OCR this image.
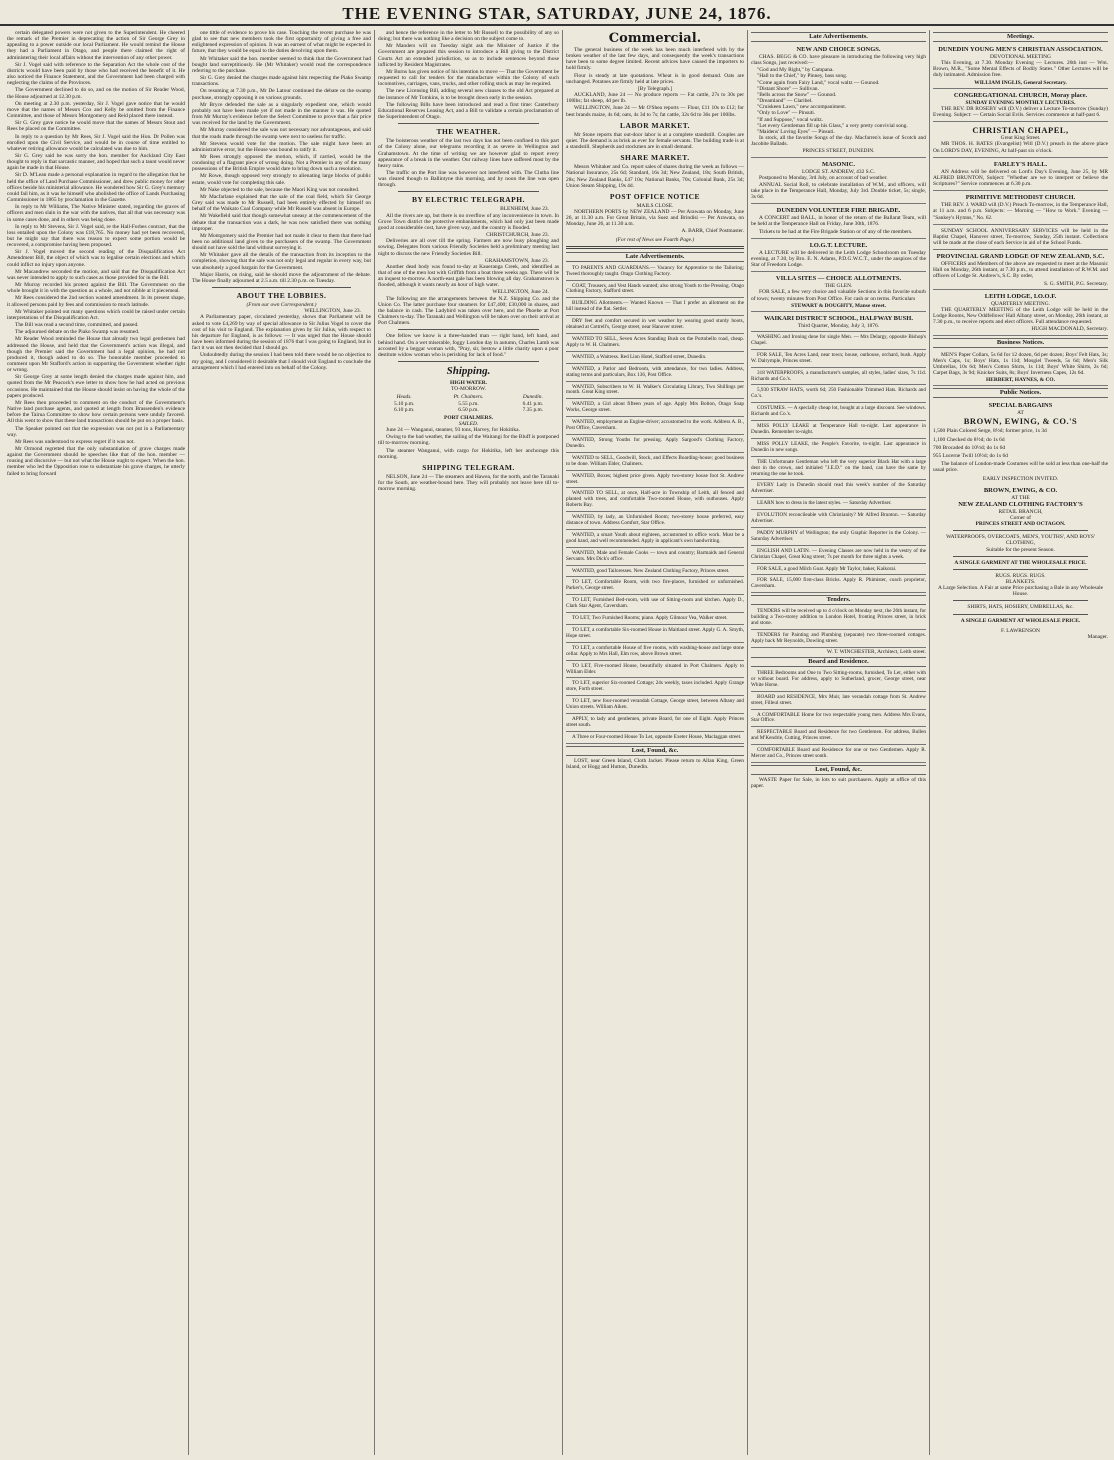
THE EVENING STAR, SATURDAY, JUNE 24, 1876.

certain delegated powers were not given to the Superintendent. He cheered the remark of the Premier in deprecating the action of Sir George Grey in appealing to a power outside our local Parliament. He would remind the House they had a Parliament in Otago, and people there claimed the right of administering their local affairs without the intervention of any other power.

Sir J. Vogel said with reference to the Separation Act the whole cost of the districts would have been paid by those who had received the benefit of it. He also noticed the Finance Statement, and the Government had been charged with neglecting the claims of the Provinces.

The Government declined to do so, and on the motion of Sir Reader Wood, the House adjourned at 12.30 p.m.

On meeting at 2.30 p.m. yesterday, Sir J. Vogel gave notice that he would move that the names of Messrs Cox and Kelly be omitted from the Finance Committee, and those of Messrs Montgomery and Reid placed there instead.

Sir G. Grey gave notice he would move that the names of Messrs Stout and Rees be placed on the Committee.

In reply to a question by Mr Rees, Sir J. Vogel said the Hon. Dr Pollen was enrolled upon the Civil Service, and would be in course of time entitled to whatever retiring allowance would be calculated was due to him.

Sir G. Grey said he was sorry the hon. member for Auckland City East thought to reply in that sarcastic manner, and hoped that such a taunt would never again be made in that House.

Sir D. M'Lean made a personal explanation in regard to the allegation that he held the office of Land Purchase Commissioner, and drew public money for other offices beside his ministerial allowance. He wondered how Sir G. Grey's memory could fail him, as it was he himself who abolished the office of Lands Purchasing Commissioner in 1865 by proclamation in the Gazette.

In reply to Mr Williams, The Native Minister stated, regarding the graves of officers and men slain in the war with the natives, that all that was necessary was in some cases done, and in others was being done.

In reply to Mr Stevens, Sir J. Vogel said, re the Hall-Forbes contract, that the loss entailed upon the Colony was £18,765. No money had yet been recovered, but he might say that there was reason to expect some portion would be recovered, a compromise having been proposed.

Sir J. Vogel moved the second reading of the Disqualification Act Amendment Bill, the object of which was to legalise certain elections and which could inflict no injury upon anyone.

Mr Macandrew seconded the motion, and said that the Disqualification Act was never intended to apply to such cases as those provided for in the Bill.

Mr Murray recorded his protest against the Bill. The Government on the whole brought it in with the question as a whole, and not nibble at it piecemeal.

Mr Rees considered the 2nd section wanted amendment. In its present shape, it allowed persons paid by fees and commission to much latitude.

Mr Whitaker pointed out many questions which could be raised under certain interpretations of the Disqualification Act.

The Bill was read a second time, committed, and passed.

The adjourned debate on the Piako Swamp was resumed.

Mr Reader Wood reminded the House that already two legal gentlemen had addressed the House, and held that the Government's action was illegal, and though the Premier said the Government had a legal opinion, he had not produced it, though asked to do so. The honorable member proceeded to comment upon Mr Stafford's action in supporting the Government whether right or wrong.

Sir George Grey at some length denied the charges made against him, and quoted from the Mr Peacock's ewe letter to show how he had acted on previous occasions. He maintained that the House should insist on having the whole of the papers produced.

Mr Rees then proceeded to comment on the conduct of the Government's Native land purchase agents, and quoted at length from Brassenden's evidence before the Tairua Committee to show how certain persons were unduly favored. All this went to show that these land transactions should be put on a proper basis.

The Speaker pointed out that the expression was not put in a Parliamentary way.

Mr Rees was understood to express regret if it was not.

Mr Ormond regretted that the only substantiation of grave charges made against the Government should be speeches like that of the hon. member — rousing and discursive — but not what the House ought to expect. When the hon. member who led the Opposition rose to substantiate his grave charges, he utterly failed to bring forward

one tittle of evidence to prove his case. Touching the recent purchase he was glad to see that new members took the first opportunity of giving a free and enlightened expression of opinion. It was an earnest of what might be expected in future, that they would be equal to the duties devolving upon them.

Mr Whitaker said the hon. member seemed to think that the Government had bought land surreptitiously. He (Mr Whitaker) would read the correspondence referring to the purchase.

Sir G. Grey denied the charges made against him respecting the Piako Swamp transactions.

On resuming at 7.30 p.m., Mr De Latour continued the debate on the swamp purchase, strongly opposing it on various grounds.

Mr Bryce defended the sale as a singularly expedient one, which would probably not have been made yet if not made in the manner it was. He quoted from Mr Murray's evidence before the Select Committee to prove that a fair price was received for the land by the Government.

Mr Murray considered the sale was not necessary nor advantageous, and said that the roads made through the swamp were next to useless for traffic.

Mr Stevens would vote for the motion. The sale might have been an administrative error, but the House was bound to ratify it.

Mr Rees strongly opposed the motion, which, if carried, would be the condoning of a flagrant piece of wrong doing. Not a Premier in any of the many possessions of the British Empire would dare to bring down such a resolution.

Mr Rowe, though opposed very strongly to alienating large blocks of public estate, would vote for completing this sale.

Mr Nake objected to the sale, because the Maori King was not consulted.

Mr Macfarlane explained that the sale of the coal field, which Sir George Grey said was made to Mr Russell, had been entirely effected by himself on behalf of the Waikato Coal Company while Mr Russell was absent in Europe.

Mr Wakefield said that though somewhat uneasy at the commencement of the debate that the transaction was a dark, he was now satisfied there was nothing improper.

Mr Montgomery said the Premier had not made it clear to them that there had been no additional land given to the purchasers of the swamp. The Government should not have sold the land without surveying it.

Mr Whitaker gave all the details of the transaction from its inception to the completion, showing that the sale was not only legal and regular in every way, but was absolutely a good bargain for the Government.

Major Harris, on rising, said he should move the adjournment of the debate. The House finally adjourned at 2.5 a.m. till 2.30 p.m. on Tuesday.

ABOUT THE LOBBIES.
(From our own Correspondent.)
WELLINGTON, June 23.

A Parliamentary paper, circulated yesterday, shows that Parliament will be asked to vote £4,269 by way of special allowance to Sir Julius Vogel to cover the cost of his visit to England. The explanation given by Sir Julius, with respect to his departure for England, is as follows: — It was urged that the House should have been informed during the session of 1876 that I was going to England, but in fact it was not then decided that I should go.

Undoubtedly during the session I had been told there would be no objection to my going, and I considered it desirable that I should visit England to conclude the arrangement which I had entered into on behalf of the Colony.

and hence the reference in the letter to Mr Russell to the possibility of any so doing; but there was nothing like a decision on the subject come to.

Mr Manders will on Tuesday night ask the Minister of Justice if the Government are prepared this session to introduce a Bill giving to the District Courts Act an extended jurisdiction, so as to include sentences beyond those inflicted by Resident Magistrates.

Mr Burns has given notice of his intention to move — That the Government be requested to call for tenders for the manufacture within the Colony of such locomotives, carriages, vans, trucks, and other rolling stock as may be required.

The new Licensing Bill, adding several new clauses to the old Act prepared at the instance of Mr Tomkins, is to be brought down early in the session.

The following Bills have been introduced and read a first time: Canterbury Educational Reserves Leasing Act, and a Bill to validate a certain proclamation of the Superintendent of Otago.

THE WEATHER.

The boisterous weather of the last two days has not been confined to this part of the Colony alone, our telegrams recording it as severe in Wellington and Grahamstown. At the time of writing we are however glad to report every appearance of a break in the weather. Our railway lines have suffered most by the heavy rains.

The traffic on the Port line was however not interfered with. The Clutha line was cleared though to Ballintyne this morning, and by noon the line was open through.

BY ELECTRIC TELEGRAPH.
BLENHEIM, June 23.

All the rivers are up, but there is no overflow of any inconvenience in town. In Grove Town district the protective embankments, which had only just been made good at considerable cost, have given way, and the country is flooded.

CHRISTCHURCH, June 23.

Deliveries are all over till the spring. Farmers are now busy ploughing and sowing. Delegates from various Friendly Societies held a preliminary meeting last night to discuss the new Friendly Societies Bill.

GRAHAMSTOWN, June 23.

Another dead body was found to-day at Kaueranga Creek, and identified as that of one of the men lost with Griffith from a boat three weeks ago. There will be an inquest to-morrow. A north-east gale has been blowing all day. Grahamstown is flooded, although it wants nearly an hour of high water.

WELLINGTON, June 24.

The following are the arrangements between the N.Z. Shipping Co. and the Union Co. The latter purchase four steamers for £47,400; £30,000 in shares, and the balance in cash. The Ladybird was taken over here, and the Phoebe at Port Chalmers to-day. The Taranaki and Wellington will be taken over on their arrival at Port Chalmers.

One fellow we know is a three-handed man — right hand, left hand, and behind hand. On a wet miserable, foggy London day in autumn, Charles Lamb was accosted by a beggar woman with, "Pray, sir, bestow a little charity upon a poor destitute widow woman who is perishing for lack of food."

Shipping.
HIGH WATER.
TO-MORROW.
Heads.	Pt. Chalmers.	Dunedin.
5.10 p.m.	5.55 p.m.	6.41 p.m.
6.10 p.m.	6.50 p.m.	7.35 p.m.
PORT CHALMERS.
SAILED.

June 24 — Wanganui, steamer, 93 tons, Harvey, for Hokitika.

Owing to the bad weather, the sailing of the Waitangi for the Bluff is postponed till to-morrow morning.

The steamer Wanganui, with cargo for Hokitika, left her anchorage this morning.

SHIPPING TELEGRAM.

NELSON, June 24 — The steamers and Hawea, for the north, and the Taranaki for the South, are weather-bound here. They will probably not leave here till to-morrow morning.

Commercial.

The general business of the week has been much interfered with by the broken weather of the last few days, and consequently the week's transactions have been to some degree limited. Recent advices have caused the importers to hold firmly.

Flour is steady at late quotations. Wheat is in good demand. Oats are unchanged. Potatoes are firmly held at late prices.

[By Telegraph.]

AUCKLAND, June 24 — No produce reports — Fat cattle, 27s to 30s per 100lbs; fat sheep, 4d per lb.

WELLINGTON, June 24 — Mr O'Shea reports — Flour, £11 10s to £12; for best brands maize, 4s 6d; oats, 4s 3d to 7s; fat cattle, 32s 6d to 36s per 100lbs.

LABOR MARKET.

Mr Stone reports that out-door labor is at a complete standstill. Couples are quiet. The demand is as brisk as ever for female servants. The building trade is at a standstill. Shepherds and stockmen are in small demand.

SHARE MARKET.

Messrs Whitaker and Co. report sales of shares during the week as follows — National Insurance, 25s 6d; Standard, 16s 3d; New Zealand, 18s; South British, 28s; New Zealand Banks, £47 10s; National Banks, 70s; Colonial Bank, 25s 3d; Union Steam Shipping, 19s 4d.

POST OFFICE NOTICE
MAILS CLOSE.

NORTHERN PORTS by NEW ZEALAND — Per Arawata on Monday, June 26, at 11.30 a.m. For Great Britain, via Suez and Brindisi — Per Arawata, on Monday, June 26, at 11.30 a.m.

A. BARR, Chief Postmaster.
(For rest of News see Fourth Page.)
Late Advertisements.

TO PARENTS AND GUARDIANS.— Vacancy for Apprentice to the Tailoring; Tweed thoroughly taught. Otago Clothing Factory.

COAT, Trousers, and Vest Hands wanted; also strong Youth to the Pressing. Otago Clothing Factory, Stafford street.

BUILDING Allotments.— Wanted Known — That I prefer an allotment on the hill instead of the flat. Settler.

DRY feet and comfort secured in wet weather by wearing good sturdy boots, obtained at Cottrell's, George street, near Hanover street.

WANTED TO SELL, Seven Acres Standing Bush on the Portobello road, cheap. Apply to W. H. Chalmers.

WANTED, a Waitress. Red Lion Hotel, Stafford street, Dunedin.

WANTED, a Parlor and Bedroom, with attendance, for two ladies. Address, stating terms and particulars, Box 136, Post Office.

WANTED, Subscribers to W. H. Walker's Circulating Library, Two Shillings per month. Great King street.

WANTED, a Girl about fifteen years of age. Apply Mrs Bolton, Otago Soap Works, George street.

WANTED, employment as Engine-driver; accustomed to the work. Address A. B., Post Office, Caversham.

WANTED, Strong Youths for pressing. Apply Sargood's Clothing Factory, Dunedin.

WANTED to SELL, Goodwill, Stock, and Effects Boarding-house; good business to be done. William Elder, Chalmers.

WANTED, Boxes; highest price given. Apply two-storey house foot St. Andrew street.

WANTED TO SELL, at once, Half-acre in Township of Leith, all fenced and planted with trees, and comfortable Two-roomed House, with outhouses. Apply Roberts Bay.

WANTED, by lady, an Unfurnished Room; two-storey house preferred, easy distance of town. Address Comfort, Star Office.

WANTED, a smart Youth about eighteen, accustomed to office work. Must be a good hand, and well recommended. Apply in applicant's own handwriting.

WANTED, Male and Female Cooks — town and country; Barmaids and General Servants. Mrs Dick's office.

WANTED, good Tailoresses. New Zealand Clothing Factory, Princes street.

TO LET, Comfortable Room, with two fire-places, furnished or unfurnished. Parker's, George street.

TO LET, Furnished Bed-room, with use of Sitting-room and kitchen. Apply D., Clark Star Agent, Caversham.

TO LET, Two Furnished Rooms; piano. Apply Gilmour Vea, Walker street.

TO LET, a comfortable Six-roomed House in Maitland street. Apply G. A. Smyth, Hope street.

TO LET, a comfortable House of five rooms, with washing-house and large stone cellar. Apply to Mrs Hall, Elm row, above Brown street.

TO LET, Five-roomed House, beautifully situated in Port Chalmers. Apply to William Elder.

TO LET, superior Six-roomed Cottage; 24s weekly, taxes included. Apply Grange store, Forth street.

TO LET, new four-roomed verandah Cottage, George street, between Albany and Union streets. William Aiken.

APPLY, to lady and gentlemen, private Board, for one of Eight. Apply Princes street south.

A Three or Four-roomed House To Let, opposite Exeter House, Maclaggan street.

Lost, Found, &c.

LOST, near Green Island, Cloth Jacket. Please return to Allan King, Green Island, or Hogg and Hutton, Dunedin.

Late Advertisements.
NEW AND CHOICE SONGS.

CHAS. BEGG & CO. have pleasure in introducing the following very high class Songs, just received:—

"God and My Right," by Campana.
"Hall to the Chief," by Pinney, bass song.
"Come again from Fairy Land," vocal waltz — Gounod.
"Distant Shore" — Sullivan.
"Bells across the Snow" — Gounod.
"Dreamland" — Claribel.
"Cruiskeen Lawn," new accompaniment.
"Only to Love" — Pinsuti.
"If and Suppose," vocal waltz.
"Let every Gentleman fill up his Glass," a very pretty convivial song.
"Maidens' Loving Eyes" — Pinsuti.

In stock, all the favorite Songs of the day. Macfarren's issue of Scotch and Jacobite Ballads.

PRINCES STREET, DUNEDIN.
MASONIC.
LODGE ST. ANDREW, 432 S.C.

Postponed to Monday, 3rd July, on account of bad weather.

ANNUAL Social Roll, to celebrate installation of W.M., and officers, will take place in the Temperance Hall, Monday, July 3rd. Double ticket, 5s; single, 3s 6d.

DUNEDIN VOLUNTEER FIRE BRIGADE.

A CONCERT and BALL, in honor of the return of the Ballarat Team, will be held at the Temperance Hall on Friday, June 30th, 1876.

Tickets to be had at the Fire Brigade Station or of any of the members.

I.O.G.T. LECTURE.

A LECTURE will be delivered in the Leith Lodge Schoolroom on Tuesday evening, at 7.30, by Bro. E. N. Adams, P.D.G.W.C.T., under the auspices of the Star of Freedom Lodge.

VILLA SITES — CHOICE ALLOTMENTS.
THE GLEN.

FOR SALE, a few very choice and valuable Sections in this favorite suburb of town; twenty minutes from Post Office. For cash or on terms. Particulars

STEWART & DOUGHTY, Manse street.
WAIKARI DISTRICT SCHOOL, HALFWAY BUSH.
Third Quarter, Monday, July 3, 1876.

WASHING and Ironing done for single Men. — Mrs Delargy, opposite Bishop's Chapel.

FOR SALE, Ten Acres Land, near town; house, outhouse, orchard, bush. Apply W. Dalrymple, Princes street.

318 WATERPROOFS, a manufacturer's samples, all styles, ladies' sizes, 7s 11d. Richards and Co.'s.

5,930 STRAW HATS, worth 6d; 250 Fashionable Trimmed Hats. Richards and Co.'s.

COSTUMES. — A specially cheap lot, bought at a large discount. See windows. Richards and Co.'s.

MISS POLLY LEAKE at Temperance Hall to-night. Last appearance in Dunedin. Remember to-night.

MISS POLLY LEAKE, the People's Favorite, to-night. Last appearance in Dunedin in new songs.

THE Unfortunate Gentleman who left the very superior Black Hat with a large dent in the crown, and initialed "J.E.D." on the band, can have the same by returning the one he took.

EVERY Lady in Dunedin should read this week's number of the Saturday Advertiser.

LEARN how to dress in the latest styles. — Saturday Advertiser.

EVOLUTION reconcileable with Christianity? Mr Alfred Brunton. — Saturday Advertiser.

PADDY MURPHY of Wellington; the only Graphic Reporter in the Colony. — Saturday Advertiser.

ENGLISH AND LATIN. — Evening Classes are now held in the vestry of the Christian Chapel, Great King street; 7s per month for three nights a week.

FOR SALE, a good Milch Goat. Apply Mr Taylor, baker, Kaikorai.

FOR SALE, 15,000 first-class Bricks. Apply R. Phimister, coach proprietor, Caversham.

Tenders.

TENDERS will be received up to 4 o'clock on Monday next, the 26th instant, for building a Two-storey addition to London Hotel, fronting Princes street, in brick and stone.

TENDERS for Painting and Plumbing (separate) two three-roomed cottages. Apply back Mr Reynolds, Dowling street.

W. T. WINCHESTER, Architect, Leith street.
Board and Residence.

THREE Bedrooms and One to Two Sitting-rooms, furnished, To Let, either with or without board. For address, apply to Sutherland, grocer, George street, near White Horse.

BOARD and RESIDENCE, Mrs Muir, late verandah cottage from St. Andrew street, Filleul street.

A COMFORTABLE Home for two respectable young men. Address Mrs Evans, Star Office.

RESPECTABLE Board and Residence for two Gentlemen. For address, Bullen and M'Kendrie, Cutting, Princes street.

COMFORTABLE Board and Residence for one or two Gentlemen. Apply R. Mercer and Co., Princes street south.

Lost, Found, &c.

WASTE Paper for Sale, in lots to suit purchasers. Apply at office of this paper.

Meetings.
DUNEDIN YOUNG MEN'S CHRISTIAN ASSOCIATION.
DEVOTIONAL MEETING

This Evening, at 7.30. Monday Evening — Lectures. 26th inst — Wm. Brown, M.R., "Some Mental Effects of Bodily States." Other Lectures will be duly intimated. Admission free.

WILLIAM INGLIS, General Secretary.
CONGREGATIONAL CHURCH, Moray place.
SUNDAY EVENING MONTHLY LECTURES.

THE REV. DR ROSEBY will (D.V.) deliver a Lecture To-morrow (Sunday) Evening. Subject: — Certain Social Evils. Services commence at half-past 6.

CHRISTIAN CHAPEL,
Great King Street.

MR THOS. H. BATES (Evangelist) Will (D.V.) preach in the above place On LORD'S DAY, EVENING, At half-past six o'clock.

FARLEY'S HALL.

AN Address will be delivered on Lord's Day's Evening, June 25, by MR ALFRED BRUNTON, Subject: "Whether are we to interpret or believe the Scriptures?" Service commences at 6.30 p.m.

PRIMITIVE METHODIST CHURCH.

THE REV. J. WARD will (D.V.) Preach To-morrow, in the Temperance Hall, at 11 a.m. and 6 p.m. Subjects: — Morning — "How to Work." Evening — "Sankey's Hymns," No. 62.

SUNDAY SCHOOL ANNIVERSARY SERVICES will be held in the Baptist Chapel, Hanover street, To-morrow, Sunday, 25th instant. Collections will be made at the close of each Service in aid of the School Funds.

PROVINCIAL GRAND LODGE OF NEW ZEALAND, S.C.

OFFICERS and Members of the above are requested to meet at the Masonic Hall on Monday, 26th instant, at 7.30 p.m., to attend installation of R.W.M. and officers of Lodge St. Andrew's, S.C. By order,

S. G. SMITH, P.G. Secretary.
LEITH LODGE, I.O.O.F.
QUARTERLY MEETING.

THE QUARTERLY MEETING of the Leith Lodge will be held in the Lodge Rooms, New Oddfellows' Hall Albany street, on Monday, 26th instant, at 7.30 p.m., to receive reports and elect officers. Full attendance requested.

HUGH MACDONALD, Secretary.
Business Notices.

MEN'S Paper Collars, 5s 6d for 12 dozen, 6d per dozen; Boys' Felt Hats, 3s; Men's Caps, 1s; Boys' Hats, 1s 11d; Mosgiel Tweeds, 5s 6d; Men's Silk Umbrellas, 10s 6d; Men's Cotton Shirts, 1s 11d; Boys' White Shirts, 2s 6d; Carpet Bags, 3s 9d; Knicker Suits, 8s; Boys' Inverness Capes, 12s 6d.

HERBERT, HAYNES, & CO.
Public Notices.
SPECIAL BARGAINS
AT
BROWN, EWING, & CO.'S
1,500 Plain Colored Serge, 8½d; former price, 1s 3d
1,100 Checked do 8½d; do 1s 6d
700 Brocaded do 10½d; do 1s 6d
955 Lucerne Twill 10½d; do 1s 6d

The balance of London-made Costumes will be sold at less than one-half the usual price.

EARLY INSPECTION INVITED.
BROWN, EWING, & CO.
AT THE
NEW ZEALAND CLOTHING FACTORY'S
RETAIL BRANCH,
Corner of
PRINCES STREET AND OCTAGON.
WATERPROOFS, OVERCOATS, MEN'S, YOUTHS', AND BOYS' CLOTHING,
Suitable for the present Season.
A SINGLE GARMENT AT THE WHOLESALE PRICE.
RUGS. RUGS. RUGS.
BLANKETS.
A Large Selection. A Fair at same Price purchasing a Bale in any Wholesale House.
SHIRTS, HATS, HOSIERY, UMBRELLAS, &c.
A SINGLE GARMENT AT WHOLESALE PRICE.
F. LAWRENSON
Manager.
